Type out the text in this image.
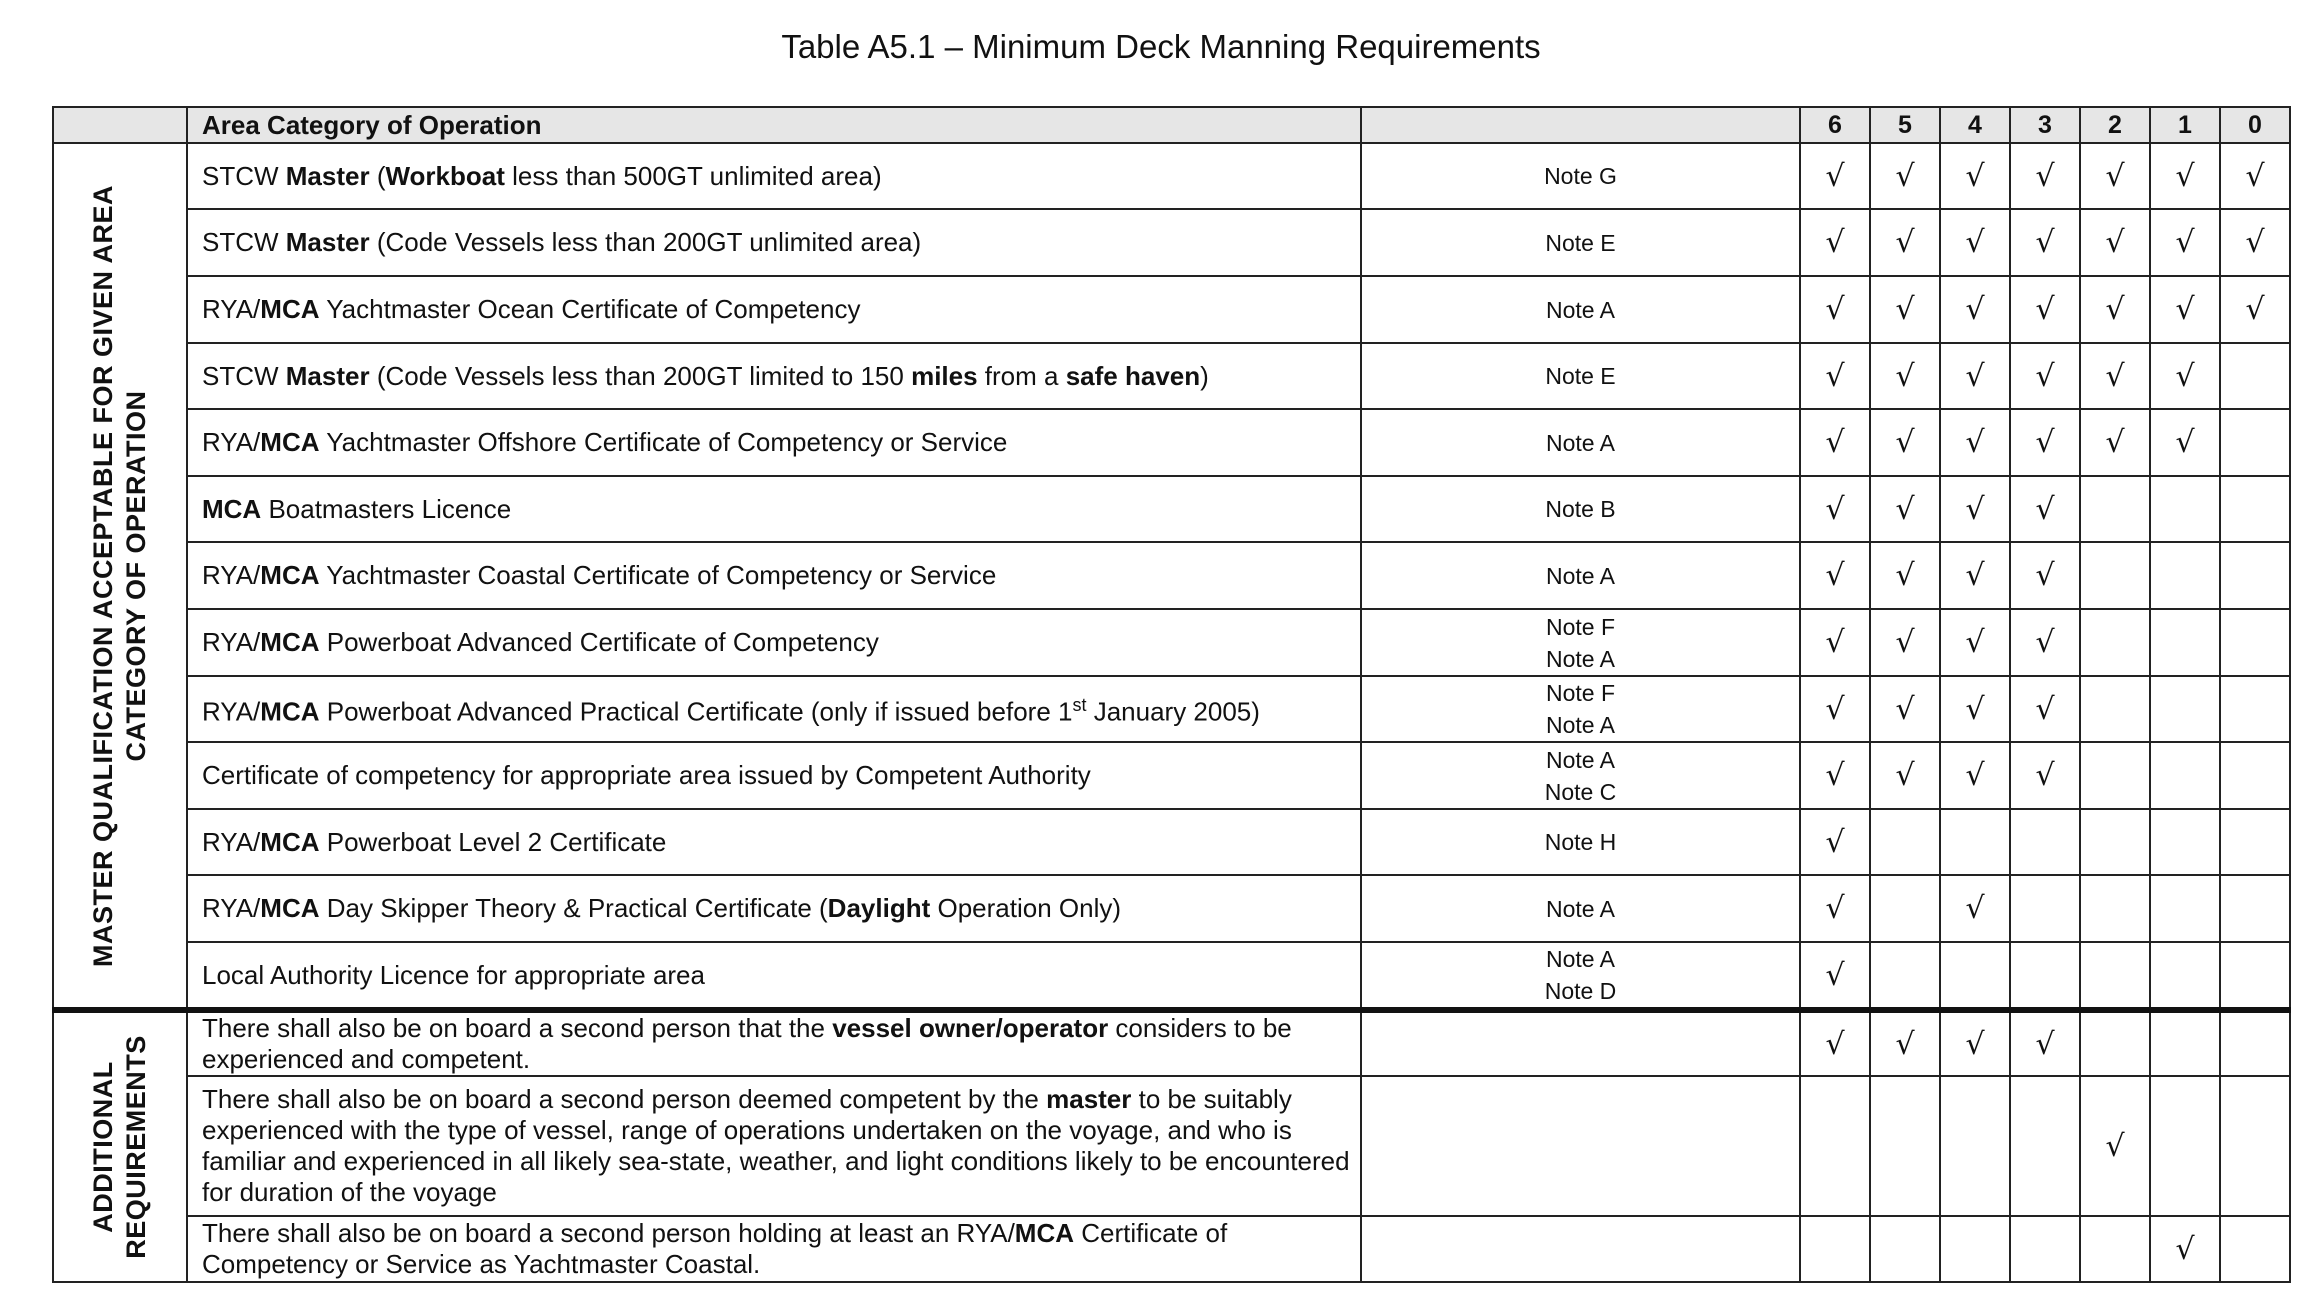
Table A5.1 – Minimum Deck Manning Requirements
	Area Category of Operation		6	5	4	3	2	1	0

MASTER QUALIFICATION ACCEPTABLE FOR GIVEN AREA CATEGORY OF OPERATION	STCW Master (Workboat less than 500GT unlimited area)	Note G	√	√	√	√	√	√	√
	STCW Master (Code Vessels less than 200GT unlimited area)	Note E	√	√	√	√	√	√	√
	RYA/MCA Yachtmaster Ocean Certificate of Competency	Note A	√	√	√	√	√	√	√
	STCW Master (Code Vessels less than 200GT limited to 150 miles from a safe haven)	Note E	√	√	√	√	√	√	
	RYA/MCA Yachtmaster Offshore Certificate of Competency or Service	Note A	√	√	√	√	√	√	
	MCA Boatmasters Licence	Note B	√	√	√	√			
	RYA/MCA Yachtmaster Coastal Certificate of Competency or Service	Note A	√	√	√	√			
	RYA/MCA Powerboat Advanced Certificate of Competency	Note F
Note A	√	√	√	√			
	RYA/MCA Powerboat Advanced Practical Certificate (only if issued before 1st January 2005)	Note F
Note A	√	√	√	√			
	Certificate of competency for appropriate area issued by Competent Authority	Note A
Note C	√	√	√	√			
	RYA/MCA Powerboat Level 2 Certificate	Note H	√						
	RYA/MCA Day Skipper Theory & Practical Certificate (Daylight Operation Only)	Note A	√		√				
	Local Authority Licence for appropriate area	Note A
Note D	√						

ADDITIONAL REQUIREMENTS	There shall also be on board a second person that the vessel owner/operator considers to be experienced and competent.		√	√	√	√			
	There shall also be on board a second person deemed competent by the master to be suitably experienced with the type of vessel, range of operations undertaken on the voyage, and who is familiar and experienced in all likely sea-state, weather, and light conditions likely to be encountered for duration of the voyage						√		
	There shall also be on board a second person holding at least an RYA/MCA Certificate of Competency or Service as Yachtmaster Coastal.							√	
